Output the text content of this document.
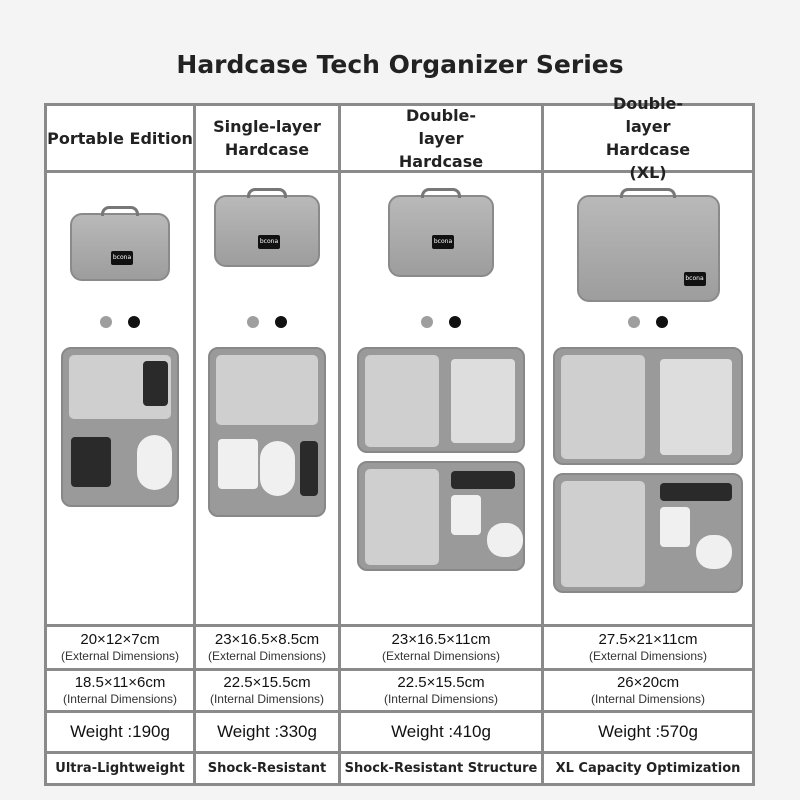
Hardcase Tech Organizer Series
Portable Edition
bcona
20×12×7cm
(External Dimensions)
18.5×11×6cm
(Internal Dimensions)
Weight :190g
Ultra-Lightweight
Single-layer Hardcase
bcona
23×16.5×8.5cm
(External Dimensions)
22.5×15.5cm
(Internal Dimensions)
Weight :330g
Shock-Resistant
Double-layer Hardcase
bcona
23×16.5×11cm
(External Dimensions)
22.5×15.5cm
(Internal Dimensions)
Weight :410g
Shock-Resistant Structure
Double-layer Hardcase (XL)
bcona
27.5×21×11cm
(External Dimensions)
26×20cm
(Internal Dimensions)
Weight :570g
XL Capacity Optimization
